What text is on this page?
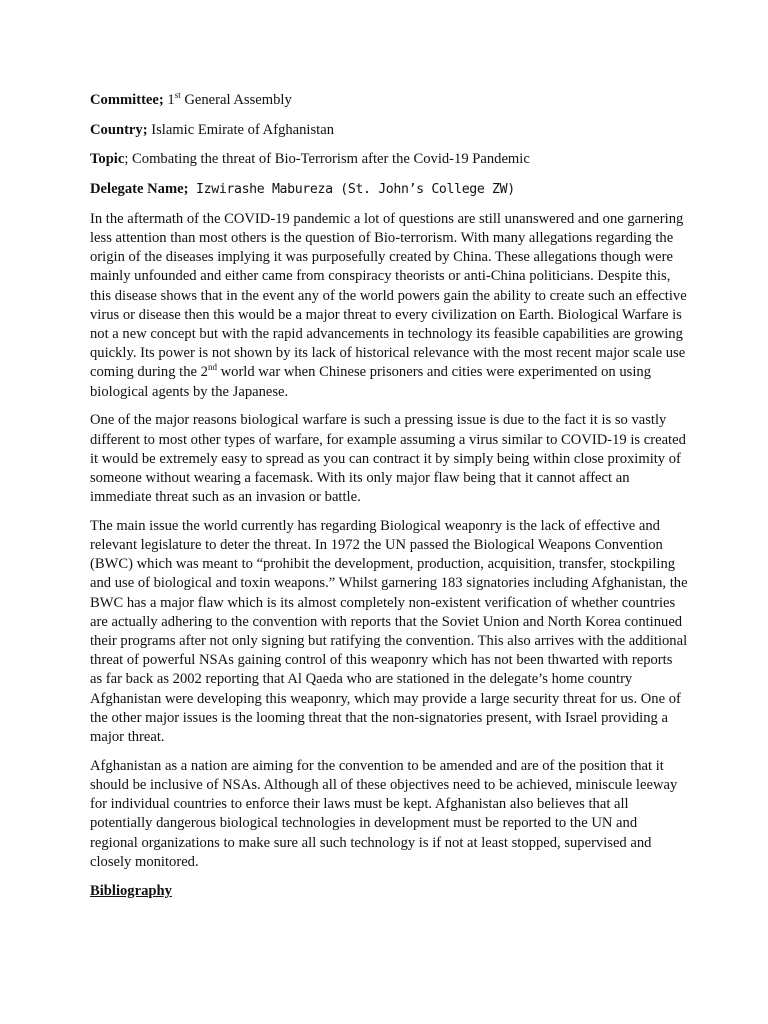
Committee; 1st General Assembly
Country; Islamic Emirate of Afghanistan
Topic; Combating the threat of Bio-Terrorism after the Covid-19 Pandemic
Delegate Name; Izwirashe Mabureza (St. John’s College ZW)

In the aftermath of the COVID-19 pandemic a lot of questions are still unanswered and one garnering less attention than most others is the question of Bio-terrorism. With many allegations regarding the origin of the diseases implying it was purposefully created by China. These allegations though were mainly unfounded and either came from conspiracy theorists or anti-China politicians. Despite this, this disease shows that in the event any of the world powers gain the ability to create such an effective virus or disease then this would be a major threat to every civilization on Earth. Biological Warfare is not a new concept but with the rapid advancements in technology its feasible capabilities are growing quickly. Its power is not shown by its lack of historical relevance with the most recent major scale use coming during the 2nd world war when Chinese prisoners and cities were experimented on using biological agents by the Japanese.

One of the major reasons biological warfare is such a pressing issue is due to the fact it is so vastly different to most other types of warfare, for example assuming a virus similar to COVID-19 is created it would be extremely easy to spread as you can contract it by simply being within close proximity of someone without wearing a facemask. With its only major flaw being that it cannot affect an immediate threat such as an invasion or battle.

The main issue the world currently has regarding Biological weaponry is the lack of effective and relevant legislature to deter the threat. In 1972 the UN passed the Biological Weapons Convention (BWC) which was meant to “prohibit the development, production, acquisition, transfer, stockpiling and use of biological and toxin weapons.” Whilst garnering 183 signatories including Afghanistan, the BWC has a major flaw which is its almost completely non-existent verification of whether countries are actually adhering to the convention with reports that the Soviet Union and North Korea continued their programs after not only signing but ratifying the convention. This also arrives with the additional threat of powerful NSAs gaining control of this weaponry which has not been thwarted with reports as far back as 2002 reporting that Al Qaeda who are stationed in the delegate’s home country Afghanistan were developing this weaponry, which may provide a large security threat for us. One of the other major issues is the looming threat that the non-signatories present, with Israel providing a major threat.

Afghanistan as a nation are aiming for the convention to be amended and are of the position that it should be inclusive of NSAs. Although all of these objectives need to be achieved, miniscule leeway for individual countries to enforce their laws must be kept. Afghanistan also believes that all potentially dangerous biological technologies in development must be reported to the UN and regional organizations to make sure all such technology is if not at least stopped, supervised and closely monitored.

Bibliography
